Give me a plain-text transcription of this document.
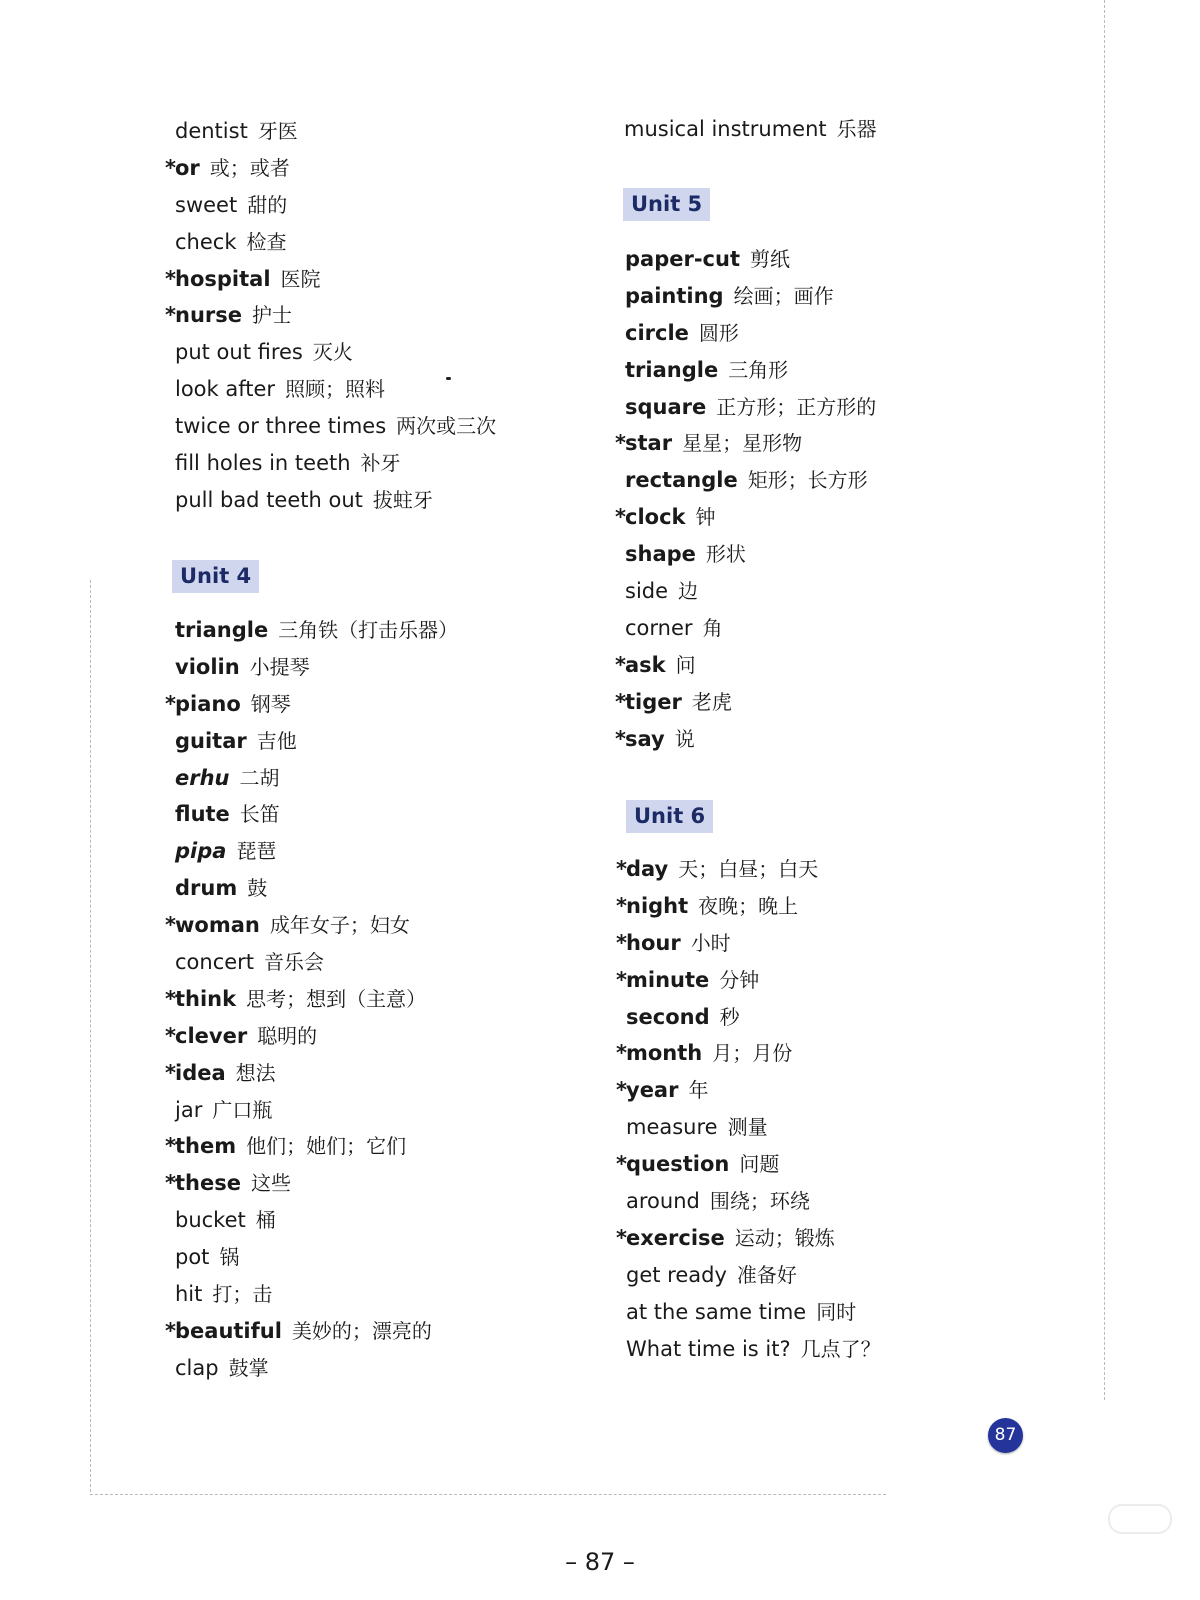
dentist 牙医
* or 或；或者
sweet 甜的
check 检查
* hospital 医院
* nurse 护士
put out fires 灭火
look after 照顾；照料
twice or three times 两次或三次
fill holes in teeth 补牙
pull bad teeth out 拔蛀牙
Unit 4
triangle 三角铁（打击乐器）
violin 小提琴
* piano 钢琴
guitar 吉他
erhu 二胡
flute 长笛
pipa 琵琶
drum 鼓
* woman 成年女子；妇女
concert 音乐会
* think 思考；想到（主意）
* clever 聪明的
* idea 想法
jar 广口瓶
* them 他们；她们；它们
* these 这些
bucket 桶
pot 锅
hit 打；击
* beautiful 美妙的；漂亮的
clap 鼓掌
musical instrument 乐器
Unit 5
paper-cut 剪纸
painting 绘画；画作
circle 圆形
triangle 三角形
square 正方形；正方形的
* star 星星；星形物
rectangle 矩形；长方形
* clock 钟
shape 形状
side 边
corner 角
* ask 问
* tiger 老虎
* say 说
Unit 6
* day 天；白昼；白天
* night 夜晚；晚上
* hour 小时
* minute 分钟
second 秒
* month 月；月份
* year 年
measure 测量
* question 问题
around 围绕；环绕
* exercise 运动；锻炼
get ready 准备好
at the same time 同时
What time is it? 几点了？
87
– 87 –
